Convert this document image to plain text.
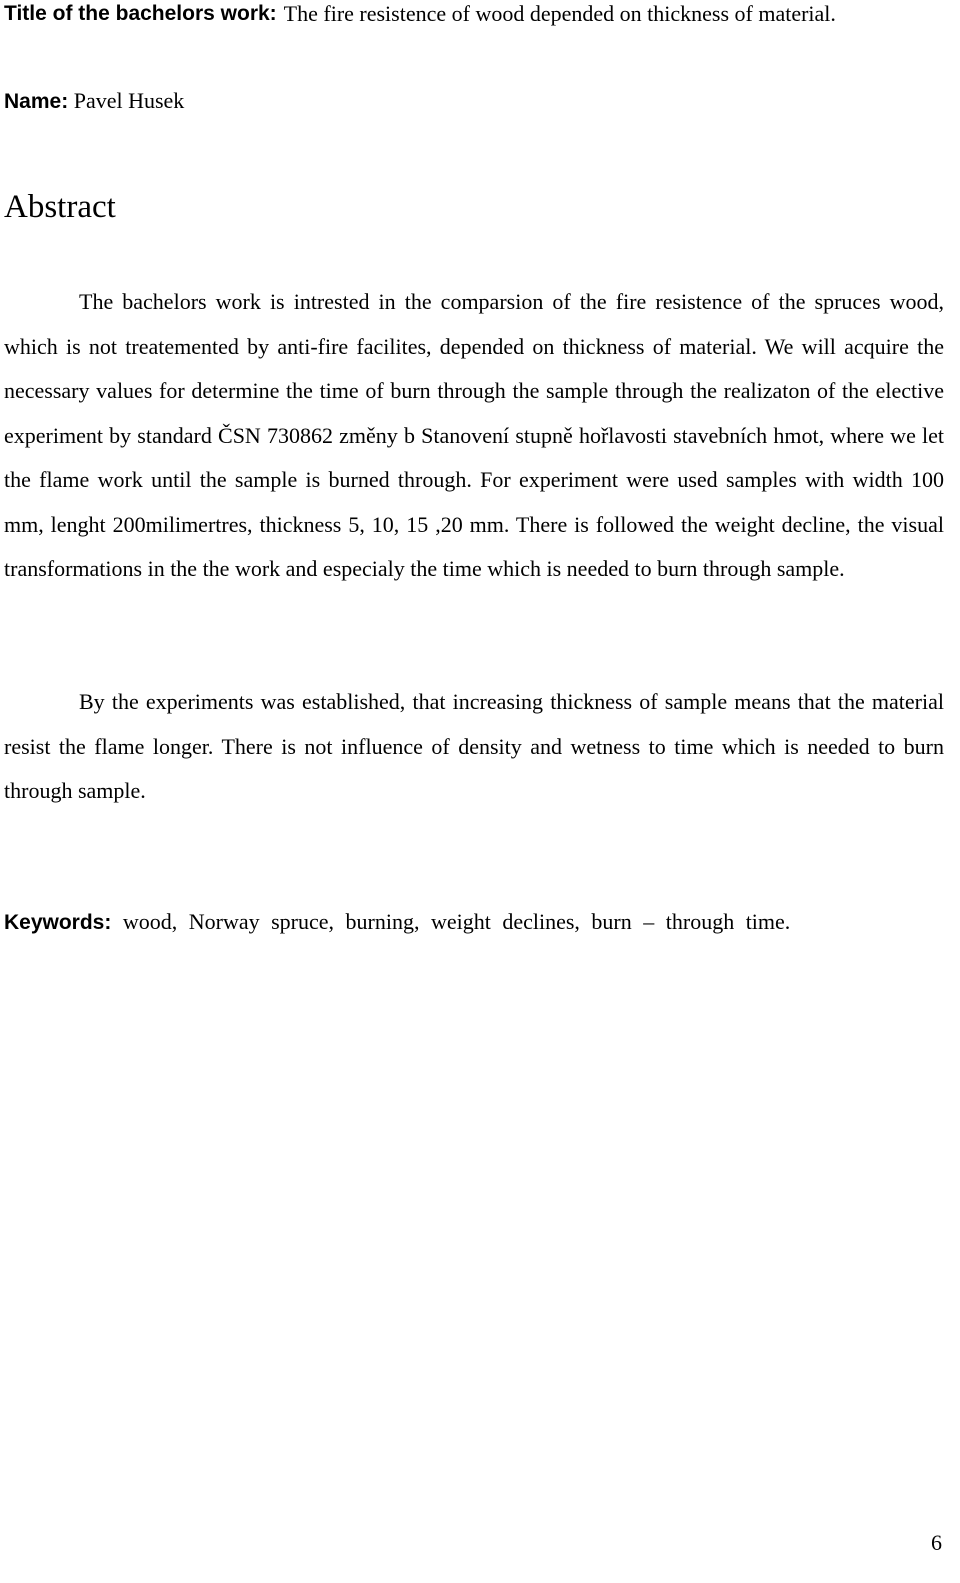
Title of the bachelors work: The fire resistence of wood depended on thickness of material.
Name: Pavel Husek
Abstract

The bachelors work is intrested in the comparsion of the fire resistence of the spruces wood, which is not treatemented by anti-fire facilites, depended on thickness of material. We will acquire the necessary values for determine the time of burn through the sample through the realizaton of the elective experiment by standard ČSN 730862 změny b Stanovení stupně hořlavosti stavebních hmot, where we let the flame work until the sample is burned through. For experiment were used samples with width 100 mm, lenght 200milimertres, thickness 5, 10, 15 ,20 mm. There is followed the weight decline, the visual transformations in the the work and especialy the time which is needed to burn through sample.

By the experiments was established, that increasing thickness of sample means that the material resist the flame longer. There is not influence of density and wetness to time which is needed to burn through sample.

Keywords: wood, Norway spruce, burning, weight declines, burn – through time.
6
